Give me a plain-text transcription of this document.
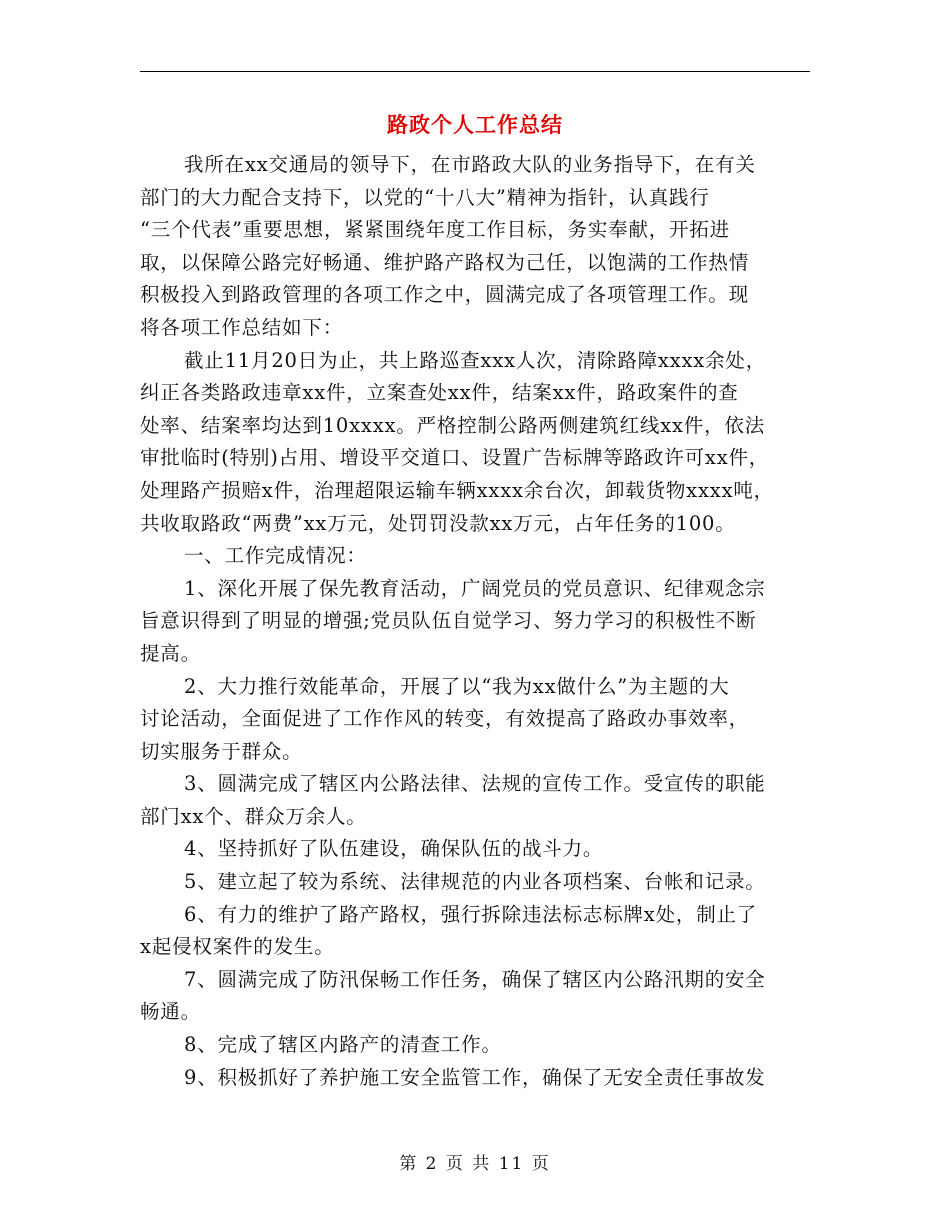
路政个人工作总结
我所在xx交通局的领导下，在市路政大队的业务指导下，在有关
部门的大力配合支持下，以党的“十八大”精神为指针，认真践行
“三个代表”重要思想，紧紧围绕年度工作目标，务实奉献，开拓进
取，以保障公路完好畅通、维护路产路权为己任，以饱满的工作热情
积极投入到路政管理的各项工作之中，圆满完成了各项管理工作。现
将各项工作总结如下：
截止11月20日为止，共上路巡查xxx人次，清除路障xxxx余处，
纠正各类路政违章xx件，立案查处xx件，结案xx件，路政案件的查
处率、结案率均达到10xxxx。严格控制公路两侧建筑红线xx件，依法
审批临时(特别)占用、增设平交道口、设置广告标牌等路政许可xx件，
处理路产损赔x件，治理超限运输车辆xxxx余台次，卸载货物xxxx吨，
共收取路政“两费”xx万元，处罚罚没款xx万元，占年任务的100。
一、工作完成情况：
1、深化开展了保先教育活动，广阔党员的党员意识、纪律观念宗
旨意识得到了明显的增强;党员队伍自觉学习、努力学习的积极性不断
提高。
2、大力推行效能革命，开展了以“我为xx做什么”为主题的大
讨论活动，全面促进了工作作风的转变，有效提高了路政办事效率，
切实服务于群众。
3、圆满完成了辖区内公路法律、法规的宣传工作。受宣传的职能
部门xx个、群众万余人。
4、坚持抓好了队伍建设，确保队伍的战斗力。
5、建立起了较为系统、法律规范的内业各项档案、台帐和记录。
6、有力的维护了路产路权，强行拆除违法标志标牌x处，制止了
x起侵权案件的发生。
7、圆满完成了防汛保畅工作任务，确保了辖区内公路汛期的安全
畅通。
8、完成了辖区内路产的清查工作。
9、积极抓好了养护施工安全监管工作，确保了无安全责任事故发
第 2 页 共 11 页
